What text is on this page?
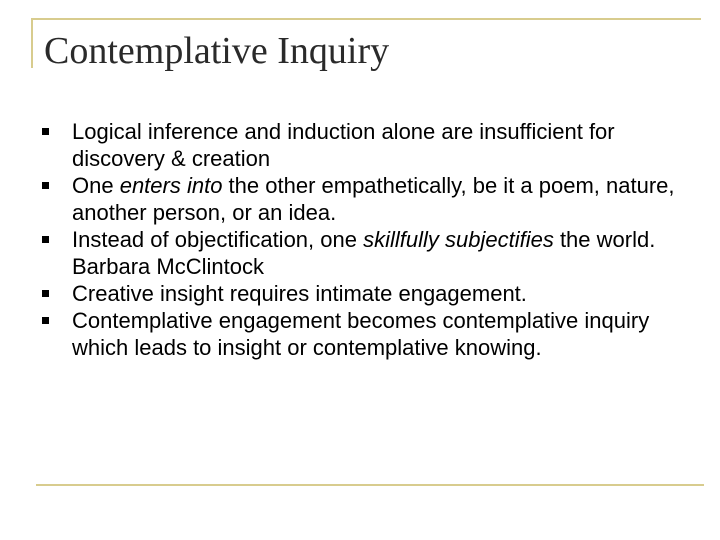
Contemplative Inquiry
Logical inference and induction alone are insufficient for discovery & creation
One enters into the other empathetically, be it a poem, nature, another person, or an idea.
Instead of objectification, one skillfully subjectifies the world. Barbara McClintock
Creative insight requires intimate engagement.
Contemplative engagement becomes contemplative inquiry which leads to insight or contemplative knowing.
